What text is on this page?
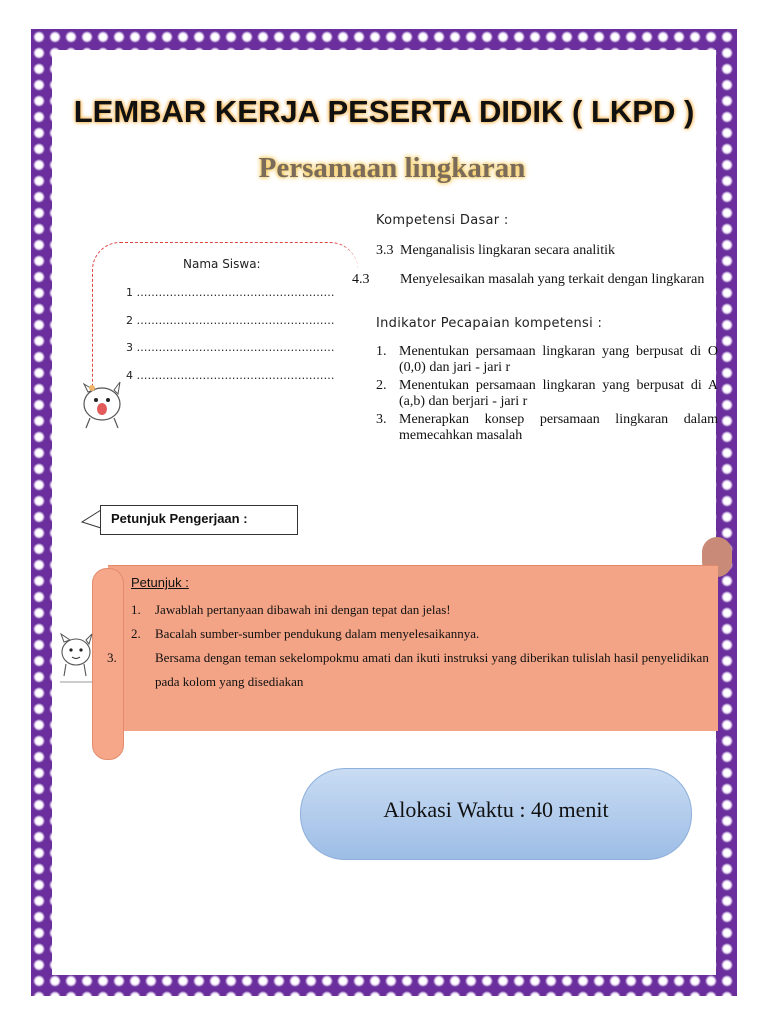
LEMBAR KERJA PESERTA DIDIK ( LKPD )
Persamaan lingkaran
Nama Siswa:
1 ………………………………………………
2 ………………………………………………
3 ………………………………………………
4 ………………………………………………
Kompetensi Dasar :
3.3 Menganalisis lingkaran secara analitik
4.3 Menyelesaikan masalah yang terkait dengan lingkaran
Indikator Pecapaian kompetensi :
1. Menentukan persamaan lingkaran yang berpusat di O (0,0) dan jari - jari r
2. Menentukan persamaan lingkaran yang berpusat di A (a,b) dan berjari - jari r
3. Menerapkan konsep persamaan lingkaran dalam memecahkan masalah
Petunjuk Pengerjaan :
Petunjuk :
1. Jawablah pertanyaan dibawah ini dengan tepat dan jelas!
2. Bacalah sumber-sumber pendukung dalam menyelesaikannya.
3.	Bersama dengan teman sekelompokmu amati dan ikuti instruksi yang diberikan tulislah hasil penyelidikan pada kolom yang disediakan
Alokasi Waktu : 40 menit
